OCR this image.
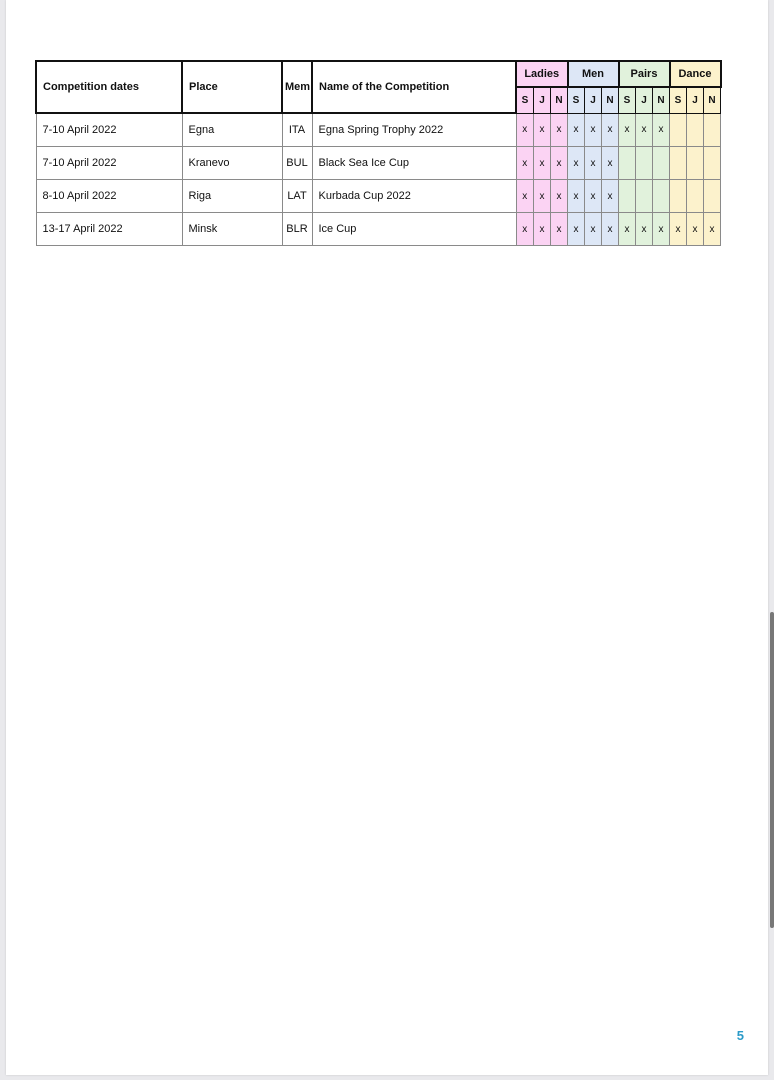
Competition dates	Place	Mem	Name of the Competition	Ladies			Men			Pairs			Dance		
				S	J	N	S	J	N	S	J	N	S	J	N
7-10 April 2022	Egna	ITA	Egna Spring Trophy 2022	x	x	x	x	x	x	x	x	x			
7-10 April 2022	Kranevo	BUL	Black Sea Ice Cup	x	x	x	x	x	x						
8-10 April 2022	Riga	LAT	Kurbada Cup 2022	x	x	x	x	x	x						
13-17 April 2022	Minsk	BLR	Ice Cup	x	x	x	x	x	x	x	x	x	x	x	x
5
